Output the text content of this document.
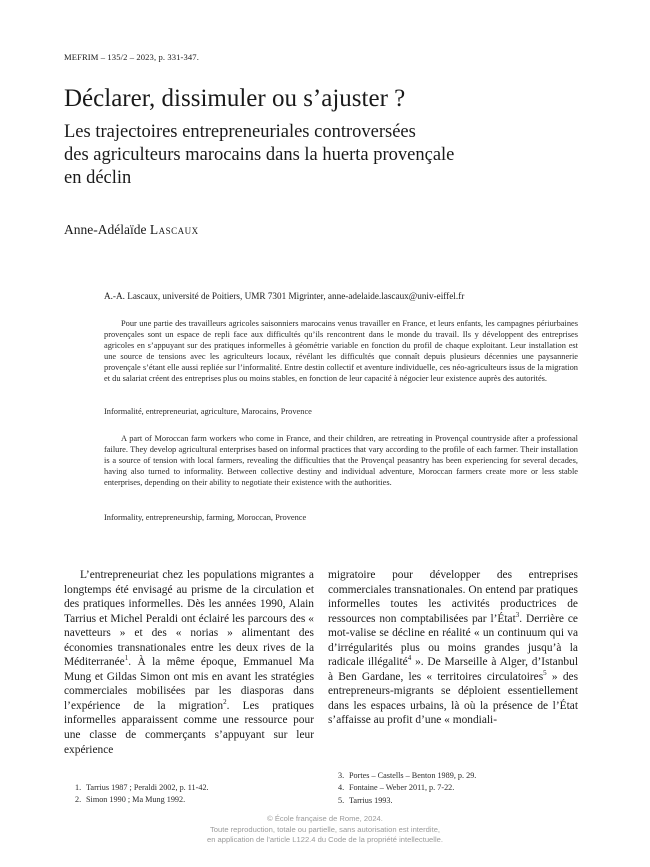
MEFRIM – 135/2 – 2023, p. 331-347.
Déclarer, dissimuler ou s’ajuster ?
Les trajectoires entrepreneuriales controversées
des agriculteurs marocains dans la huerta provençale
en déclin
Anne-Adélaïde Lascaux
A.-A. Lascaux, université de Poitiers, UMR 7301 Migrinter, anne-adelaide.lascaux@univ-eiffel.fr

Pour une partie des travailleurs agricoles saisonniers marocains venus travailler en France, et leurs enfants, les campagnes périurbaines provençales sont un espace de repli face aux difficultés qu’ils rencontrent dans le monde du travail. Ils y développent des entreprises agricoles en s’appuyant sur des pratiques informelles à géométrie variable en fonction du profil de chaque exploitant. Leur installation est une source de tensions avec les agriculteurs locaux, révélant les difficultés que connaît depuis plusieurs décennies une paysannerie provençale s’étant elle aussi repliée sur l’informalité. Entre destin collectif et aventure individuelle, ces néo-agriculteurs issus de la migration et du salariat créent des entreprises plus ou moins stables, en fonction de leur capacité à négocier leur existence auprès des autorités.

Informalité, entrepreneuriat, agriculture, Marocains, Provence

A part of Moroccan farm workers who come in France, and their children, are retreating in Provençal countryside after a professional failure. They develop agricultural enterprises based on informal practices that vary according to the profile of each farmer. Their installation is a source of tension with local farmers, revealing the difficulties that the Provençal peasantry has been experiencing for several decades, having also turned to informality. Between collective destiny and individual adventure, Moroccan farmers create more or less stable enterprises, depending on their ability to negotiate their existence with the authorities.

Informality, entrepreneurship, farming, Moroccan, Provence

L’entrepreneuriat chez les populations migrantes a longtemps été envisagé au prisme de la circulation et des pratiques informelles. Dès les années 1990, Alain Tarrius et Michel Peraldi ont éclairé les parcours des « navetteurs » et des « norias » alimentant des économies transnationales entre les deux rives de la Méditerranée$^1$. À la même époque, Emmanuel Ma Mung et Gildas Simon ont mis en avant les stratégies commerciales mobilisées par les diasporas dans l’expérience de la migration$^2$. Les pratiques informelles apparaissent comme une ressource pour une classe de commerçants s’appuyant sur leur expérience

migratoire pour développer des entreprises commerciales transnationales. On entend par pratiques informelles toutes les activités productrices de ressources non comptabilisées par l’État$^3$. Derrière ce mot-valise se décline en réalité « un continuum qui va d’irrégularités plus ou moins grandes jusqu’à la radicale illégalité$^4$ ». De Marseille à Alger, d’Istanbul à Ben Gardane, les « territoires circulatoires$^5$ » des entrepreneurs-migrants se déploient essentiellement dans les espaces urbains, là où la présence de l’État s’affaisse au profit d’une « mondiali-

1. Tarrius 1987 ; Peraldi 2002, p. 11-42.
2. Simon 1990 ; Ma Mung 1992.
3. Portes – Castells – Benton 1989, p. 29.
4. Fontaine – Weber 2011, p. 7-22.
5. Tarrius 1993.
© École française de Rome, 2024.
Toute reproduction, totale ou partielle, sans autorisation est interdite,
en application de l’article L122.4 du Code de la propriété intellectuelle.
